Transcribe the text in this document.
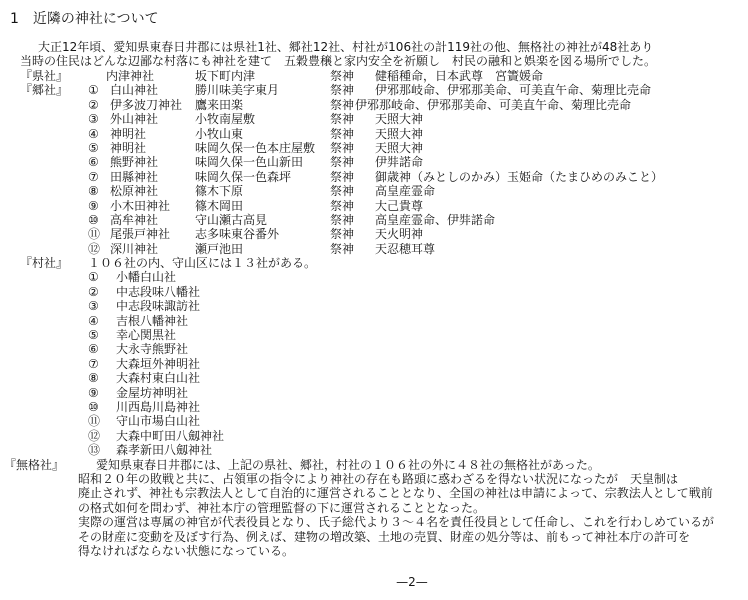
1　近隣の神社について
大正12年頃、愛知県東春日井郡には県社1社、郷社12社、村社が106社の計119社の他、無格社の神社が48社あり
当時の住民はどんな辺鄙な村落にも神社を建て　五穀豊穣と家内安全を祈願し　村民の融和と娯楽を図る場所でした。
『県社』	内津神社	坂下町内津	祭神 健稲種命，日本武尊　宮簀媛命
『郷社』 ① 白山神社	勝川味美字東月	祭神 伊邪那岐命、伊邪那美命、可美直午命、菊理比売命
② 伊多波刀神社 鷹来田楽	祭神 伊邪那岐命、伊邪那美命、可美直午命、菊理比売命
③ 外山神社	小牧南屋敷	祭神 天照大神
④ 神明社	小牧山東	祭神 天照大神
⑤ 神明社	味岡久保一色本庄屋敷 祭神 天照大神
⑥ 熊野神社	味岡久保一色山新田 祭神 伊弉諾命
⑦ 田縣神社	味岡久保一色森坪	祭神 御歳神（みとしのかみ）玉姫命（たまひめのみこと）
⑧ 松原神社	篠木下原	祭神 高皇産霊命
⑨ 小木田神社 篠木岡田	祭神 大己貴尊
⑩ 高牟神社	守山瀬古高見	祭神 高皇産霊命、伊弉諾命
⑪ 尾張戸神社 志多味東谷番外	祭神 天火明神
⑫ 深川神社	瀬戸池田	祭神 天忍穂耳尊
『村社』 １０６社の内、守山区には１３社がある。
① 小幡白山社
② 中志段味八幡社
③ 中志段味諏訪社
④ 吉根八幡神社
⑤ 幸心関黒社
⑥ 大永寺熊野社
⑦ 大森垣外神明社
⑧ 大森村東白山社
⑨ 金屋坊神明社
⑩ 川西島川島神社
⑪ 守山市場白山社
⑫ 大森中町田八劔神社
⑬ 森孝新田八劔神社
『無格社』	愛知県東春日井郡には、上記の県社、郷社，村社の１０６社の外に４８社の無格社があった。
昭和２０年の敗戦と共に、占領軍の指令により神社の存在も路頭に惑わざるを得ない状況になったが　天皇制は
廃止されず、神社も宗教法人として自治的に運営されることとなり、全国の神社は申請によって、宗教法人として戦前
の格式如何を問わず、神社本庁の管理監督の下に運営されることとなった。
実際の運営は専属の神官が代表役員となり、氏子総代より３～４名を責任役員として任命し、これを行わしめているが
その財産に変動を及ぼす行為、例えば、建物の増改築、土地の売買、財産の処分等は、前もって神社本庁の許可を
得なければならない状態になっている。
—2—
